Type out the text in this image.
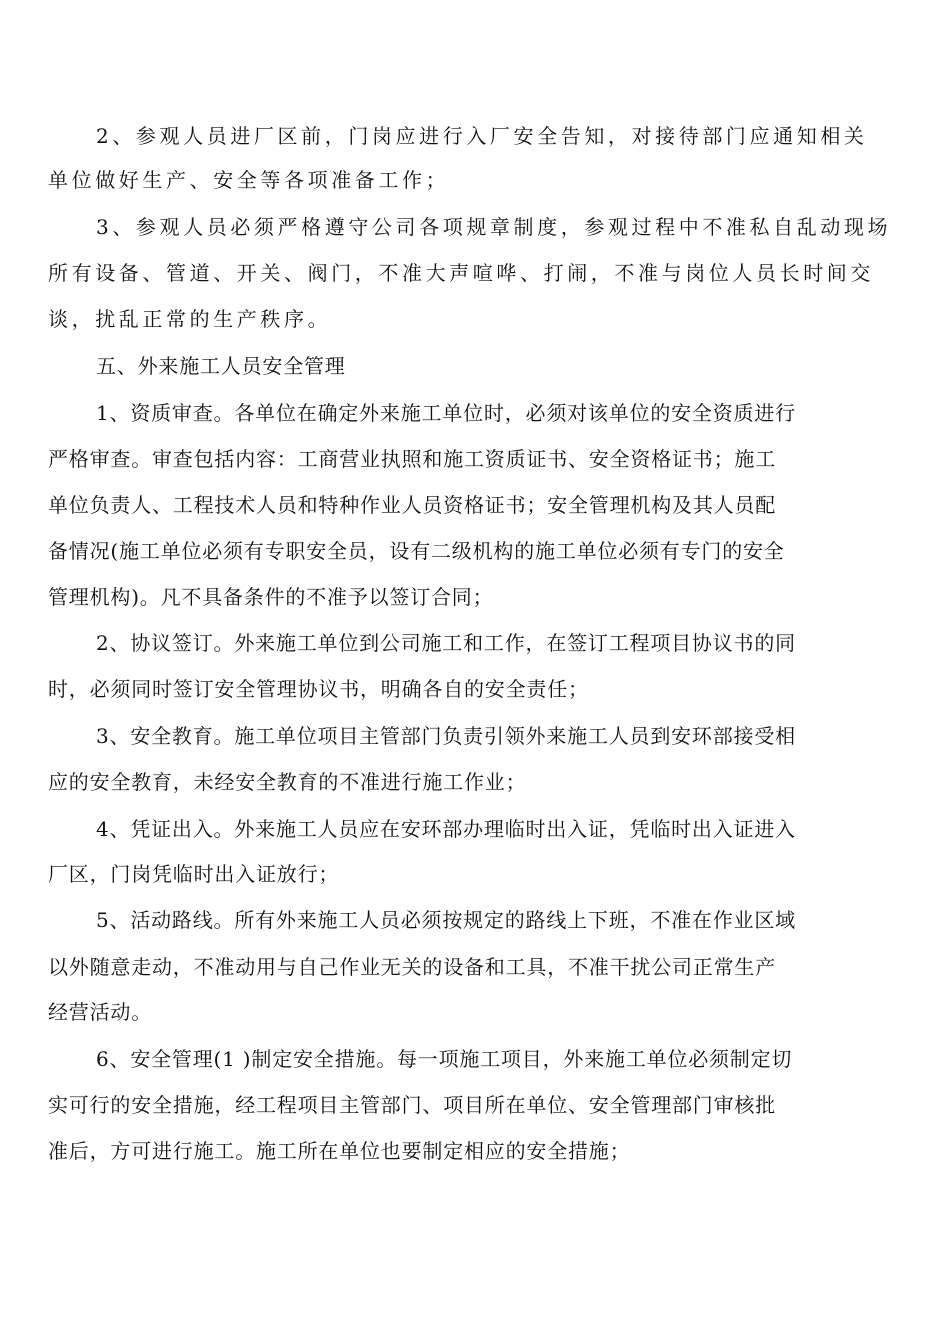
2、参观人员进厂区前，门岗应进行入厂安全告知，对接待部门应通知相关
单位做好生产、安全等各项准备工作；
3、参观人员必须严格遵守公司各项规章制度，参观过程中不准私自乱动现场
所有设备、管道、开关、阀门，不准大声喧哗、打闹，不准与岗位人员长时间交
谈，扰乱正常的生产秩序。
五、外来施工人员安全管理
1、资质审查。各单位在确定外来施工单位时，必须对该单位的安全资质进行
严格审查。审查包括内容：工商营业执照和施工资质证书、安全资格证书；施工
单位负责人、工程技术人员和特种作业人员资格证书；安全管理机构及其人员配
备情况(施工单位必须有专职安全员，设有二级机构的施工单位必须有专门的安全
管理机构)。凡不具备条件的不准予以签订合同；
2、协议签订。外来施工单位到公司施工和工作，在签订工程项目协议书的同
时，必须同时签订安全管理协议书，明确各自的安全责任；
3、安全教育。施工单位项目主管部门负责引领外来施工人员到安环部接受相
应的安全教育，未经安全教育的不准进行施工作业；
4、凭证出入。外来施工人员应在安环部办理临时出入证，凭临时出入证进入
厂区，门岗凭临时出入证放行；
5、活动路线。所有外来施工人员必须按规定的路线上下班，不准在作业区域
以外随意走动，不准动用与自己作业无关的设备和工具，不准干扰公司正常生产
经营活动。
6、安全管理(1 )制定安全措施。每一项施工项目，外来施工单位必须制定切
实可行的安全措施，经工程项目主管部门、项目所在单位、安全管理部门审核批
准后，方可进行施工。施工所在单位也要制定相应的安全措施；
